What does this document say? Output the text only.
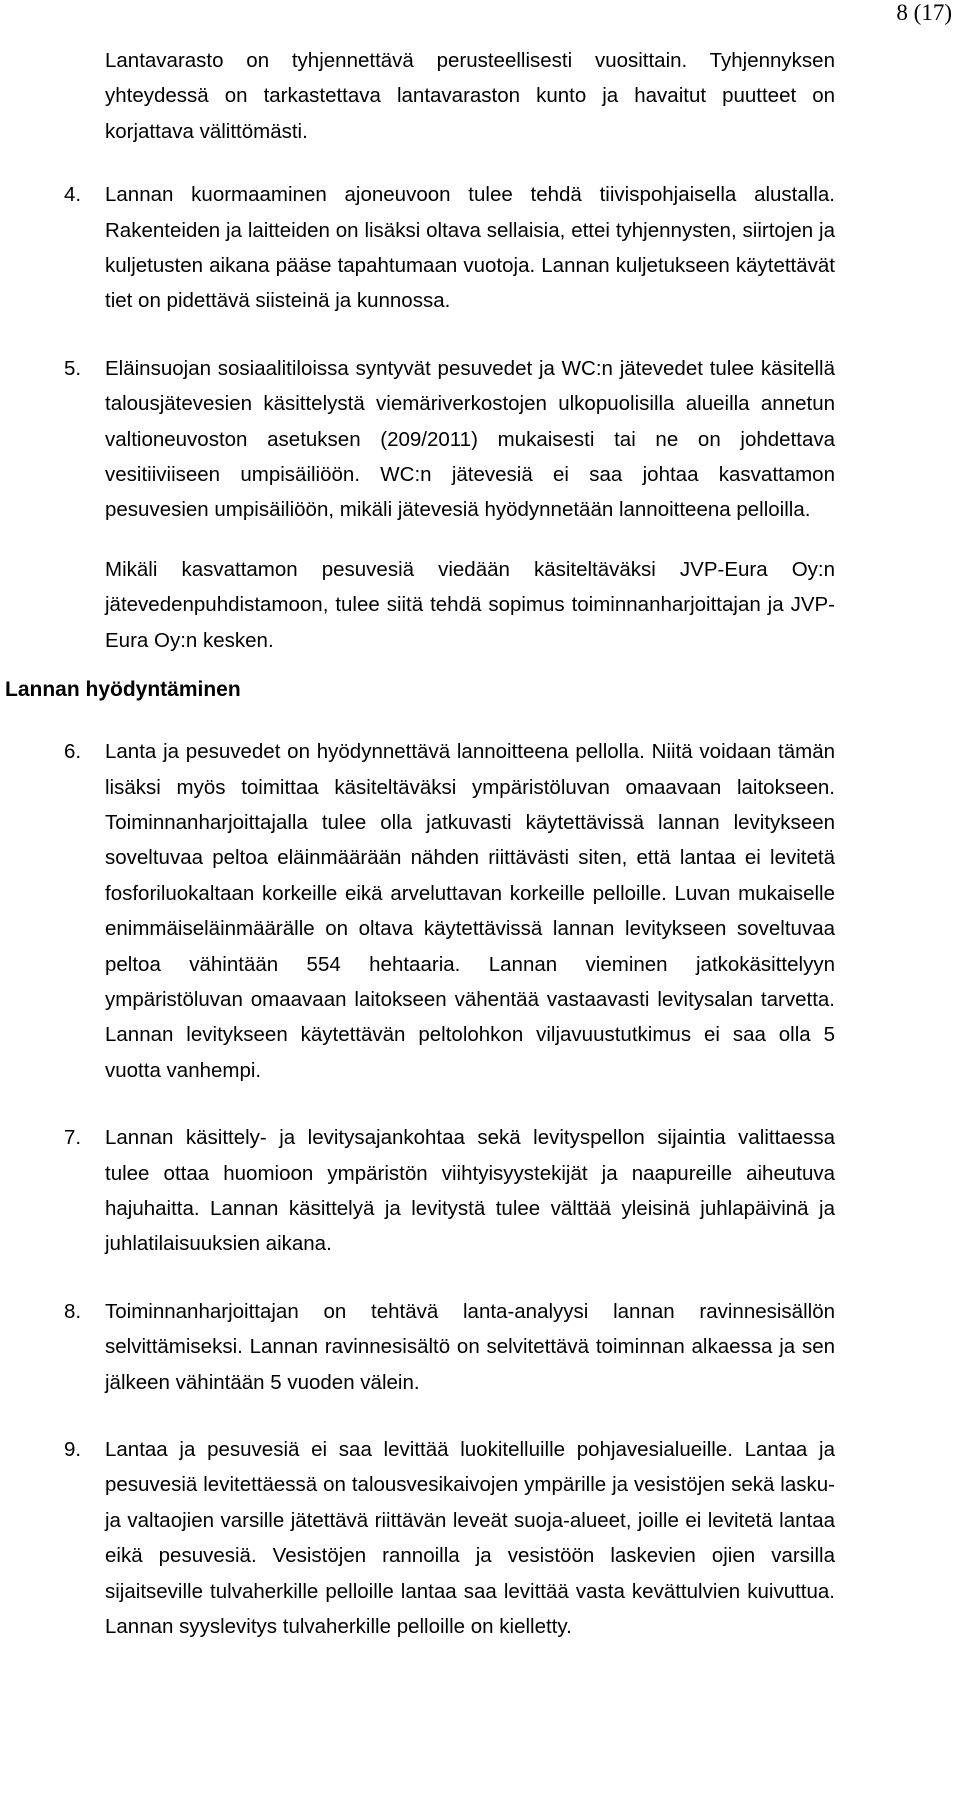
8 (17)

Lantavarasto on tyhjennettävä perusteellisesti vuosittain. Tyhjennyksen yhteydessä on tarkastettava lantavaraston kunto ja havaitut puutteet on korjattava välittömästi.

4. Lannan kuormaaminen ajoneuvoon tulee tehdä tiivispohjaisella alustalla. Rakenteiden ja laitteiden on lisäksi oltava sellaisia, ettei tyhjennysten, siirtojen ja kuljetusten aikana pääse tapahtumaan vuotoja. Lannan kuljetukseen käytettävät tiet on pidettävä siisteinä ja kunnossa.
5. Eläinsuojan sosiaalitiloissa syntyvät pesuvedet ja WC:n jätevedet tulee käsitellä talousjätevesien käsittelystä viemäriverkostojen ulkopuolisilla alueilla annetun valtioneuvoston asetuksen (209/2011) mukaisesti tai ne on johdettava vesitiiviiseen umpisäiliöön. WC:n jätevesiä ei saa johtaa kasvattamon pesuvesien umpisäiliöön, mikäli jätevesiä hyödynnetään lannoitteena pelloilla.

Mikäli kasvattamon pesuvesiä viedään käsiteltäväksi JVP-Eura Oy:n jätevedenpuhdistamoon, tulee siitä tehdä sopimus toiminnanharjoittajan ja JVP-Eura Oy:n kesken.

Lannan hyödyntäminen
6. Lanta ja pesuvedet on hyödynnettävä lannoitteena pellolla. Niitä voidaan tämän lisäksi myös toimittaa käsiteltäväksi ympäristöluvan omaavaan laitokseen. Toiminnanharjoittajalla tulee olla jatkuvasti käytettävissä lannan levitykseen soveltuvaa peltoa eläinmäärään nähden riittävästi siten, että lantaa ei levitetä fosforiluokaltaan korkeille eikä arveluttavan korkeille pelloille. Luvan mukaiselle enimmäiseläinmäärälle on oltava käytettävissä lannan levitykseen soveltuvaa peltoa vähintään 554 hehtaaria. Lannan vieminen jatkokäsittelyyn ympäristöluvan omaavaan laitokseen vähentää vastaavasti levitysalan tarvetta. Lannan levitykseen käytettävän peltolohkon viljavuustutkimus ei saa olla 5 vuotta vanhempi.
7. Lannan käsittely- ja levitysajankohtaa sekä levityspellon sijaintia valittaessa tulee ottaa huomioon ympäristön viihtyisyystekijät ja naapureille aiheutuva hajuhaitta. Lannan käsittelyä ja levitystä tulee välttää yleisinä juhlapäivinä ja juhlatilaisuuksien aikana.
8. Toiminnanharjoittajan on tehtävä lanta-analyysi lannan ravinnesisällön selvittämiseksi. Lannan ravinnesisältö on selvitettävä toiminnan alkaessa ja sen jälkeen vähintään 5 vuoden välein.
9. Lantaa ja pesuvesiä ei saa levittää luokitelluille pohjavesialueille. Lantaa ja pesuvesiä levitettäessä on talousvesikaivojen ympärille ja vesistöjen sekä lasku- ja valtaojien varsille jätettävä riittävän leveät suoja-alueet, joille ei levitetä lantaa eikä pesuvesiä. Vesistöjen rannoilla ja vesistöön laskevien ojien varsilla sijaitseville tulvaherkille pelloille lantaa saa levittää vasta kevättulvien kuivuttua. Lannan syyslevitys tulvaherkille pelloille on kielletty.
